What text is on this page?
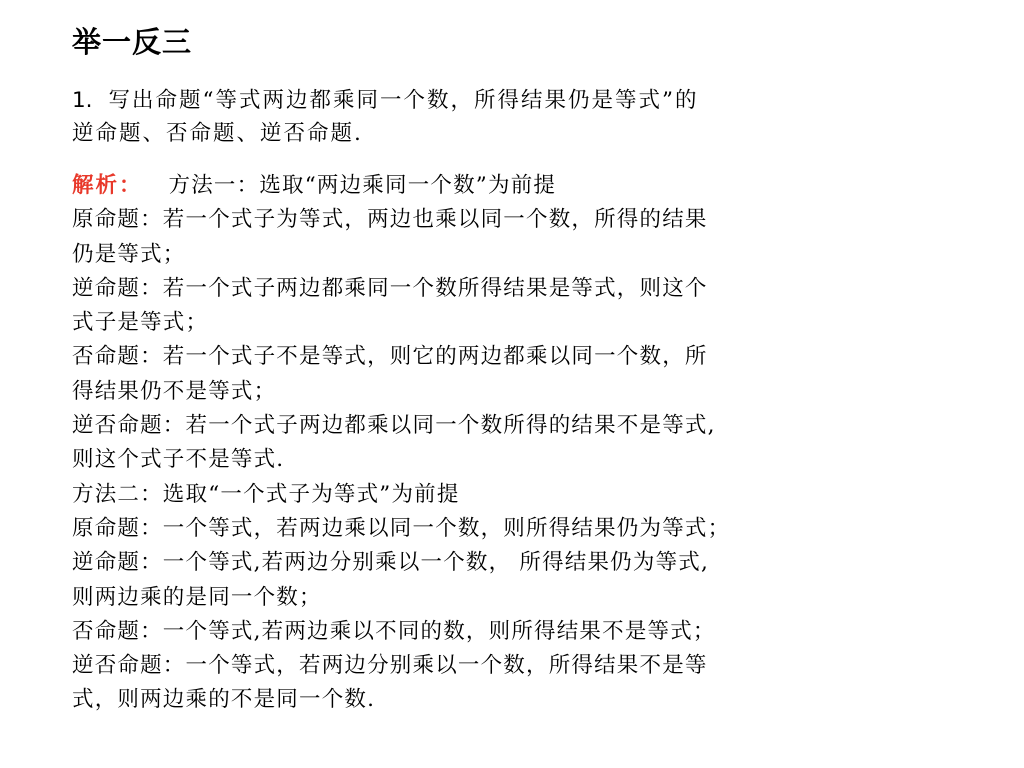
举一反三
1. 写出命题“等式两边都乘同一个数，所得结果仍是等式”的
逆命题、否命题、逆否命题.
解析： 方法一：选取“两边乘同一个数”为前提
原命题：若一个式子为等式，两边也乘以同一个数，所得的结果
仍是等式；
逆命题：若一个式子两边都乘同一个数所得结果是等式，则这个
式子是等式；
否命题：若一个式子不是等式，则它的两边都乘以同一个数，所
得结果仍不是等式；
逆否命题：若一个式子两边都乘以同一个数所得的结果不是等式,
则这个式子不是等式.
方法二：选取“一个式子为等式”为前提
原命题：一个等式，若两边乘以同一个数，则所得结果仍为等式；
逆命题：一个等式,若两边分别乘以一个数， 所得结果仍为等式,
则两边乘的是同一个数；
否命题：一个等式,若两边乘以不同的数，则所得结果不是等式；
逆否命题：一个等式，若两边分别乘以一个数，所得结果不是等
式，则两边乘的不是同一个数.
